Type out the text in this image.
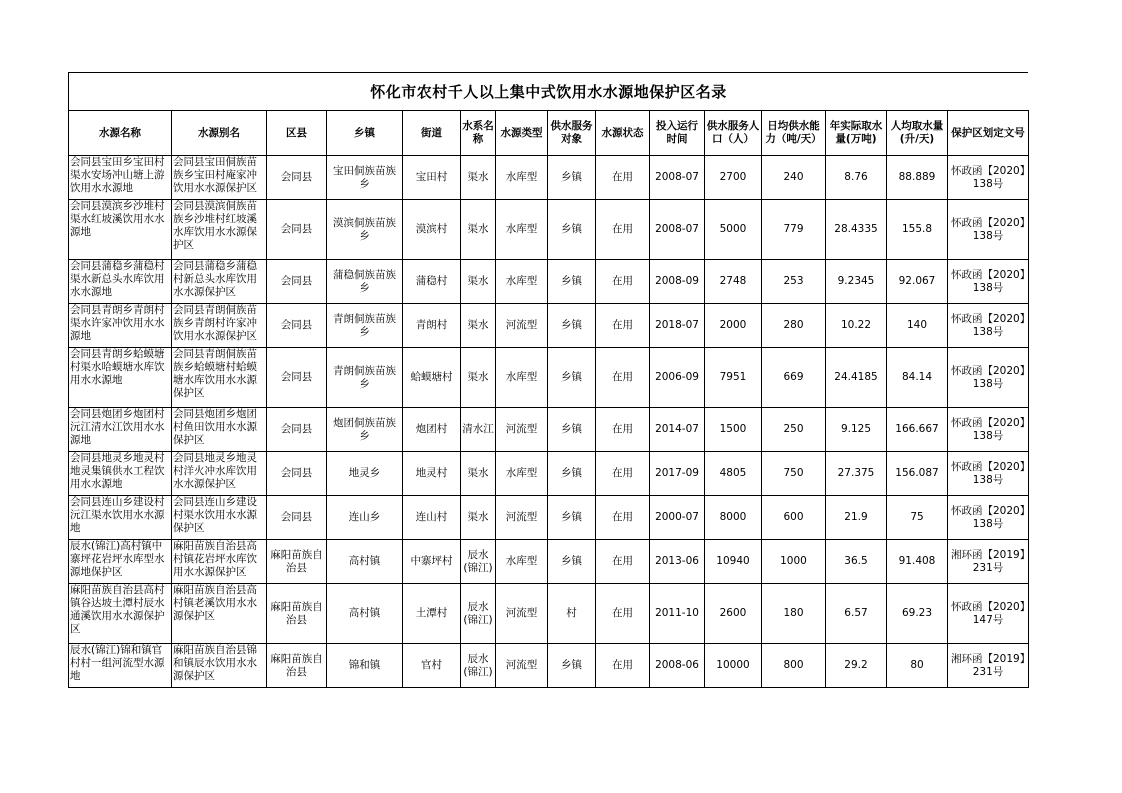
怀化市农村千人以上集中式饮用水水源地保护区名录
水源名称	水源别名	区县	乡镇	街道	水系名称	水源类型	供水服务对象	水源状态	投入运行时间	供水服务人口（人）	日均供水能力（吨/天）	年实际取水量(万吨)	人均取水量(升/天)	保护区划定文号

会同县宝田乡宝田村渠水安场冲山塘上游饮用水水源地	会同县宝田侗族苗族乡宝田村庵家冲饮用水水源保护区	会同县	宝田侗族苗族乡	宝田村	渠水	水库型	乡镇	在用	2008-07	2700	240	8.76	88.889	怀政函【2020】138号

会同县漠滨乡沙堆村渠水红坡溪饮用水水源地	会同县漠滨侗族苗族乡沙堆村红坡溪水库饮用水水源保护区	会同县	漠滨侗族苗族乡	漠滨村	渠水	水库型	乡镇	在用	2008-07	5000	779	28.4335	155.8	怀政函【2020】138号

会同县蒲稳乡蒲稳村渠水新总头水库饮用水水源地	会同县蒲稳乡蒲稳村新总头水库饮用水水源保护区	会同县	蒲稳侗族苗族乡	蒲稳村	渠水	水库型	乡镇	在用	2008-09	2748	253	9.2345	92.067	怀政函【2020】138号

会同县青朗乡青朗村渠水许家冲饮用水水源地	会同县青朗侗族苗族乡青朗村许家冲饮用水水源保护区	会同县	青朗侗族苗族乡	青朗村	渠水	河流型	乡镇	在用	2018-07	2000	280	10.22	140	怀政函【2020】138号

会同县青朗乡蛤蟆塘村渠水哈蟆塘水库饮用水水源地	会同县青朗侗族苗族乡蛤蟆塘村蛤蟆塘水库饮用水水源保护区	会同县	青朗侗族苗族乡	蛤蟆塘村	渠水	水库型	乡镇	在用	2006-09	7951	669	24.4185	84.14	怀政函【2020】138号

会同县炮团乡炮团村沅江清水江饮用水水源地	会同县炮团乡炮团村鱼田饮用水水源保护区	会同县	炮团侗族苗族乡	炮团村	清水江	河流型	乡镇	在用	2014-07	1500	250	9.125	166.667	怀政函【2020】138号

会同县地灵乡地灵村地灵集镇供水工程饮用水水源地	会同县地灵乡地灵村洋火冲水库饮用水水源保护区	会同县	地灵乡	地灵村	渠水	水库型	乡镇	在用	2017-09	4805	750	27.375	156.087	怀政函【2020】138号

会同县连山乡建设村沅江渠水饮用水水源地	会同县连山乡建设村渠水饮用水水源保护区	会同县	连山乡	连山村	渠水	河流型	乡镇	在用	2000-07	8000	600	21.9	75	怀政函【2020】138号

辰水(锦江)高村镇中寨坪花岩坪水库型水源地保护区	麻阳苗族自治县高村镇花岩坪水库饮用水水源保护区	麻阳苗族自治县	高村镇	中寨坪村	辰水(锦江)	水库型	乡镇	在用	2013-06	10940	1000	36.5	91.408	湘环函【2019】231号

麻阳苗族自治县高村镇谷达坡土潭村辰水通溪饮用水水源保护区	麻阳苗族自治县高村镇老溪饮用水水源保护区	麻阳苗族自治县	高村镇	土潭村	辰水(锦江)	河流型	村	在用	2011-10	2600	180	6.57	69.23	怀政函【2020】147号

辰水(锦江)锦和镇官村村一组河流型水源地	麻阳苗族自治县锦和镇辰水饮用水水源保护区	麻阳苗族自治县	锦和镇	官村	辰水(锦江)	河流型	乡镇	在用	2008-06	10000	800	29.2	80	湘环函【2019】231号
